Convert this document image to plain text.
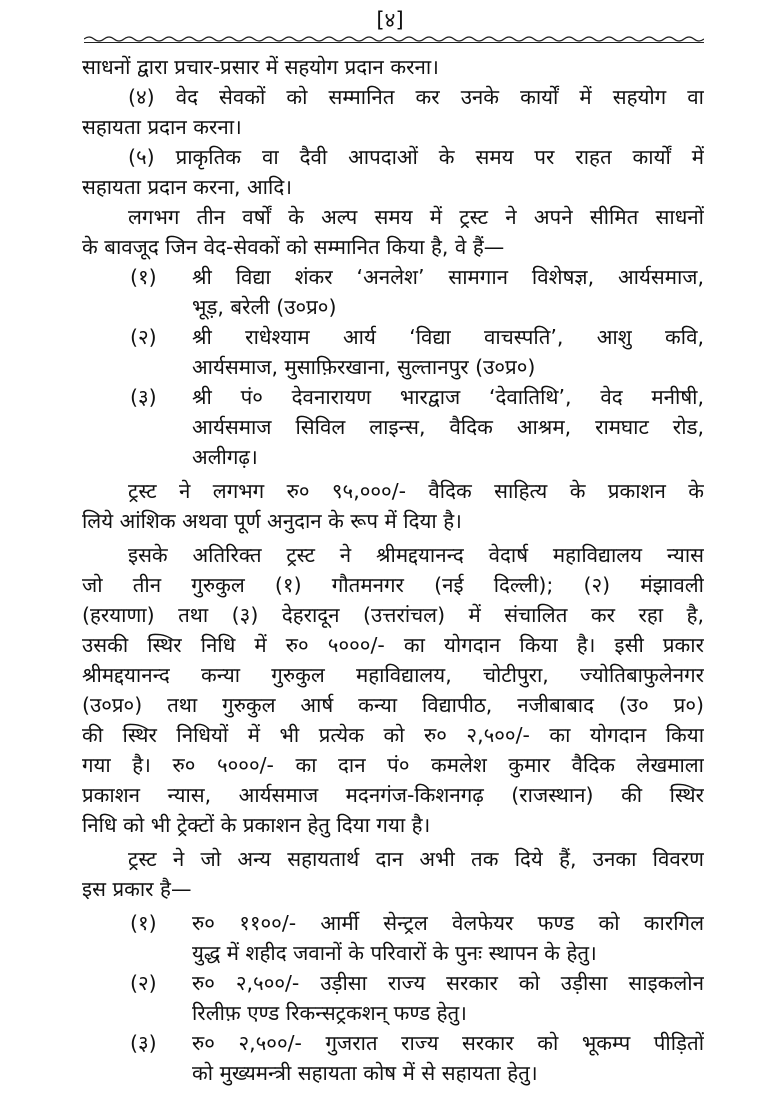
[४]
साधनों द्वारा प्रचार-प्रसार में सहयोग प्रदान करना।
(४) वेद सेवकों को सम्मानित कर उनके कार्यों में सहयोग वा
सहायता प्रदान करना।
(५) प्राकृतिक वा दैवी आपदाओं के समय पर राहत कार्यों में
सहायता प्रदान करना, आदि।
लगभग तीन वर्षों के अल्प समय में ट्रस्ट ने अपने सीमित साधनों
के बावजूद जिन वेद-सेवकों को सम्मानित किया है, वे हैं—
(१) श्री विद्या शंकर ‘अनलेश’ सामगान विशेषज्ञ, आर्यसमाज,
भूड़, बरेली (उ०प्र०)
(२) श्री राधेश्याम आर्य ‘विद्या वाचस्पति’, आशु कवि,
आर्यसमाज, मुसाफ़िरखाना, सुल्तानपुर (उ०प्र०)
(३) श्री पं० देवनारायण भारद्वाज ‘देवातिथि’, वेद मनीषी,
आर्यसमाज सिविल लाइन्स, वैदिक आश्रम, रामघाट रोड,
अलीगढ़।
ट्रस्ट ने लगभग रु० ९५,०००/- वैदिक साहित्य के प्रकाशन के
लिये आंशिक अथवा पूर्ण अनुदान के रूप में दिया है।
इसके अतिरिक्त ट्रस्ट ने श्रीमद्दयानन्द वेदार्ष महाविद्यालय न्यास
जो तीन गुरुकुल (१) गौतमनगर (नई दिल्ली); (२) मंझावली
(हरयाणा) तथा (३) देहरादून (उत्तरांचल) में संचालित कर रहा है,
उसकी स्थिर निधि में रु० ५०००/- का योगदान किया है। इसी प्रकार
श्रीमद्दयानन्द कन्या गुरुकुल महाविद्यालय, चोटीपुरा, ज्योतिबाफुलेनगर
(उ०प्र०) तथा गुरुकुल आर्ष कन्या विद्यापीठ, नजीबाबाद (उ० प्र०)
की स्थिर निधियों में भी प्रत्येक को रु० २,५००/- का योगदान किया
गया है। रु० ५०००/- का दान पं० कमलेश कुमार वैदिक लेखमाला
प्रकाशन न्यास, आर्यसमाज मदनगंज-किशनगढ़ (राजस्थान) की स्थिर
निधि को भी ट्रेक्टों के प्रकाशन हेतु दिया गया है।
ट्रस्ट ने जो अन्य सहायतार्थ दान अभी तक दिये हैं, उनका विवरण
इस प्रकार है—
(१) रु० ११००/- आर्मी सेन्ट्रल वेलफेयर फण्ड को कारगिल
युद्ध में शहीद जवानों के परिवारों के पुनः स्थापन के हेतु।
(२) रु० २,५००/- उड़ीसा राज्य सरकार को उड़ीसा साइकलोन
रिलीफ़ एण्ड रिकन्सट्रकशन् फण्ड हेतु।
(३) रु० २,५००/- गुजरात राज्य सरकार को भूकम्प पीड़ितों
को मुख्यमन्त्री सहायता कोष में से सहायता हेतु।
